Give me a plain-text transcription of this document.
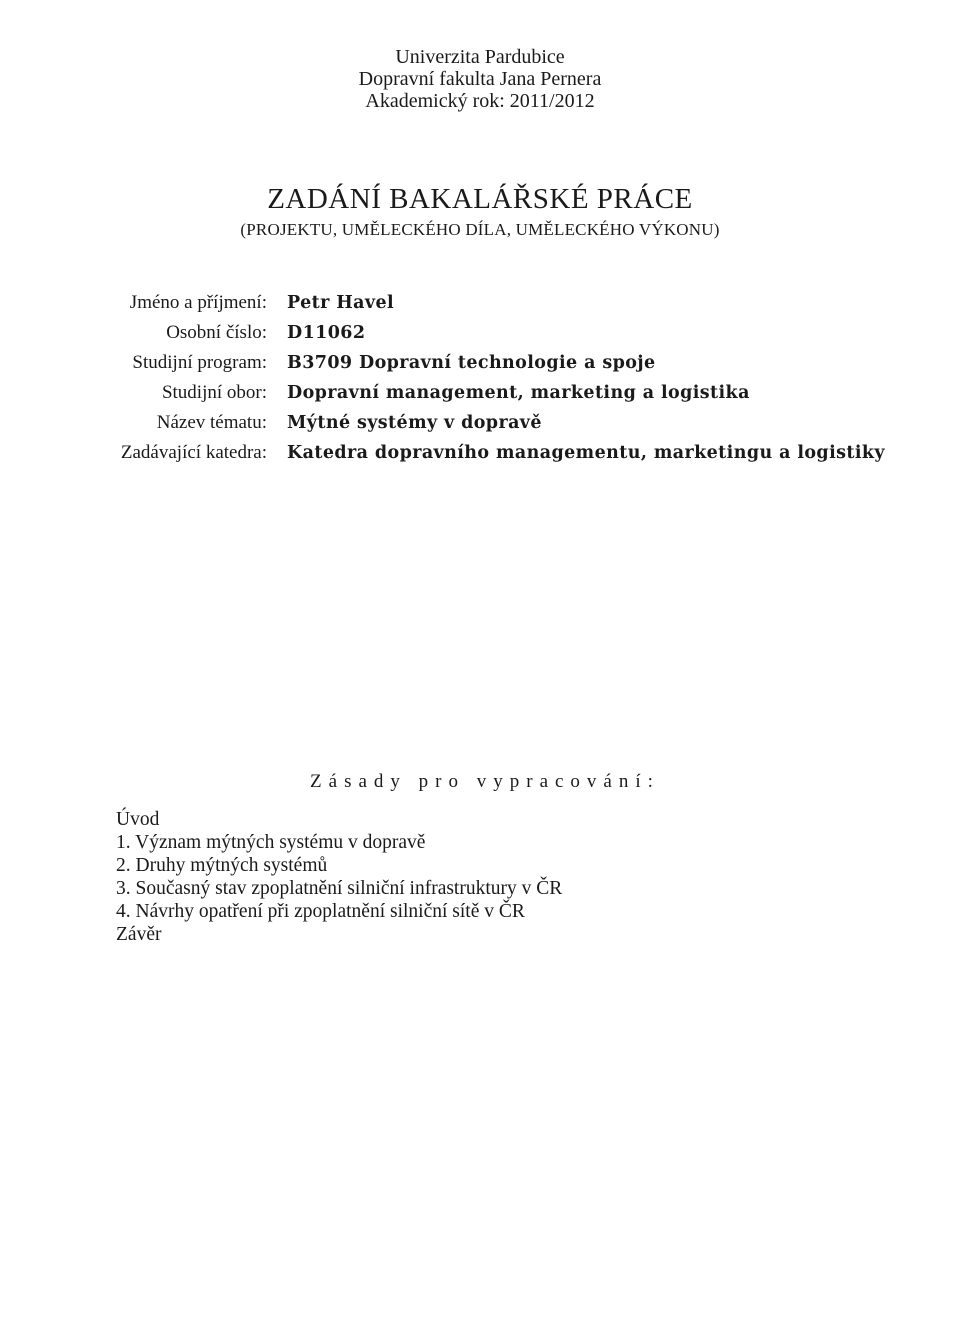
Univerzita Pardubice
Dopravní fakulta Jana Pernera
Akademický rok: 2011/2012
ZADÁNÍ BAKALÁŘSKÉ PRÁCE
(PROJEKTU, UMĚLECKÉHO DÍLA, UMĚLECKÉHO VÝKONU)
Jméno a příjmení: Petr Havel
Osobní číslo: D11062
Studijní program: B3709 Dopravní technologie a spoje
Studijní obor: Dopravní management, marketing a logistika
Název tématu: Mýtné systémy v dopravě
Zadávající katedra: Katedra dopravního managementu, marketingu a logistiky
Zásady pro vypracování:
Úvod
1. Význam mýtných systému v dopravě
2. Druhy mýtných systémů
3. Současný stav zpoplatnění silniční infrastruktury v ČR
4. Návrhy opatření při zpoplatnění silniční sítě v ČR
Závěr
